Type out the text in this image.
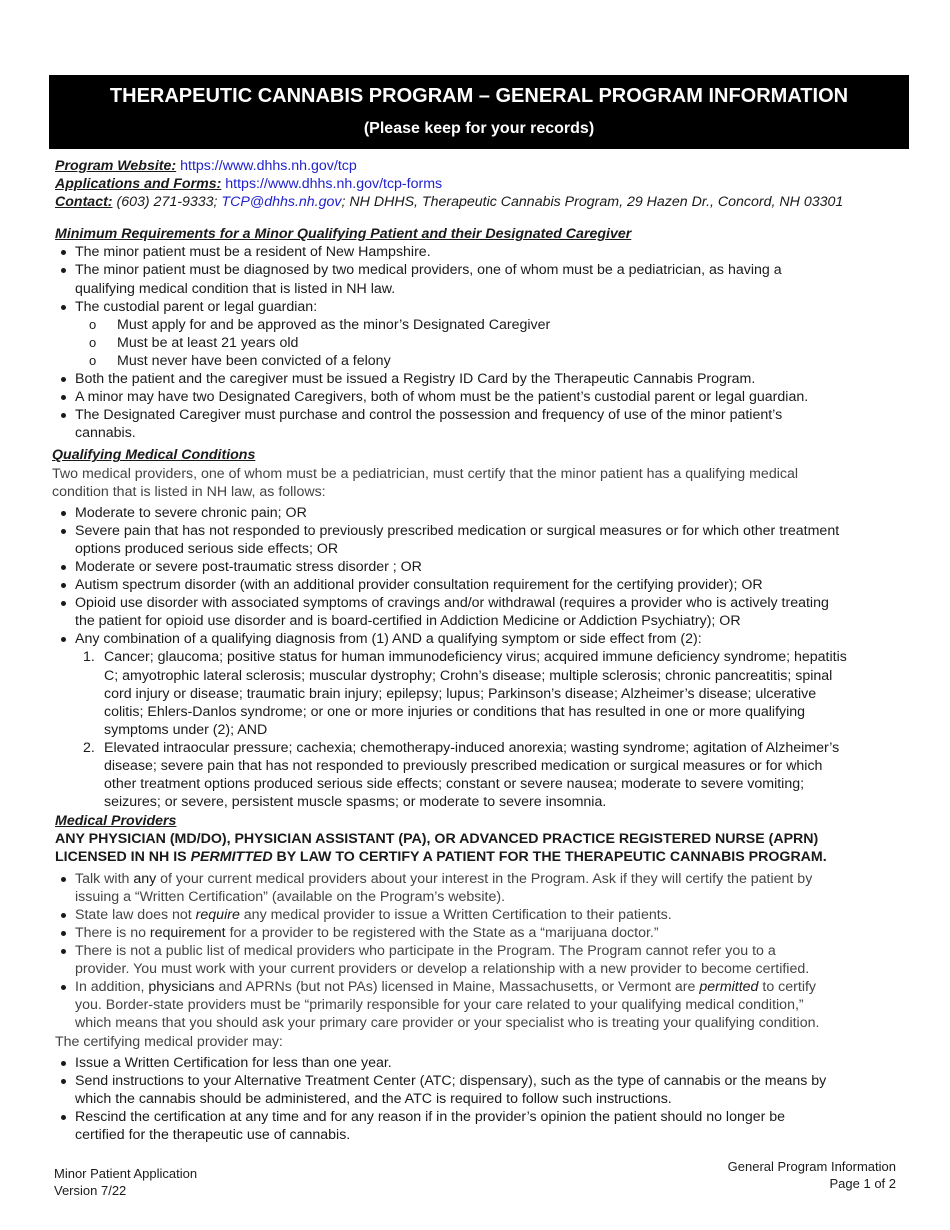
THERAPEUTIC CANNABIS PROGRAM – GENERAL PROGRAM INFORMATION
(Please keep for your records)

Program Website: https://www.dhhs.nh.gov/tcp

Applications and Forms: https://www.dhhs.nh.gov/tcp-forms

Contact: (603) 271-9333; TCP@dhhs.nh.gov; NH DHHS, Therapeutic Cannabis Program, 29 Hazen Dr., Concord, NH 03301

Minimum Requirements for a Minor Qualifying Patient and their Designated Caregiver

The minor patient must be a resident of New Hampshire.

The minor patient must be diagnosed by two medical providers, one of whom must be a pediatrician, as having a

qualifying medical condition that is listed in NH law.

The custodial parent or legal guardian:

o Must apply for and be approved as the minor’s Designated Caregiver

o Must be at least 21 years old

o Must never have been convicted of a felony

Both the patient and the caregiver must be issued a Registry ID Card by the Therapeutic Cannabis Program.

A minor may have two Designated Caregivers, both of whom must be the patient’s custodial parent or legal guardian.

The Designated Caregiver must purchase and control the possession and frequency of use of the minor patient’s

cannabis.

Qualifying Medical Conditions

Two medical providers, one of whom must be a pediatrician, must certify that the minor patient has a qualifying medical

condition that is listed in NH law, as follows:

Moderate to severe chronic pain; OR

Severe pain that has not responded to previously prescribed medication or surgical measures or for which other treatment

options produced serious side effects; OR

Moderate or severe post-traumatic stress disorder ; OR

Autism spectrum disorder (with an additional provider consultation requirement for the certifying provider); OR

Opioid use disorder with associated symptoms of cravings and/or withdrawal (requires a provider who is actively treating

the patient for opioid use disorder and is board-certified in Addiction Medicine or Addiction Psychiatry); OR

Any combination of a qualifying diagnosis from (1) AND a qualifying symptom or side effect from (2):

1. Cancer; glaucoma; positive status for human immunodeficiency virus; acquired immune deficiency syndrome; hepatitis

C; amyotrophic lateral sclerosis; muscular dystrophy; Crohn’s disease; multiple sclerosis; chronic pancreatitis; spinal

cord injury or disease; traumatic brain injury; epilepsy; lupus; Parkinson’s disease; Alzheimer’s disease; ulcerative

colitis; Ehlers-Danlos syndrome; or one or more injuries or conditions that has resulted in one or more qualifying

symptoms under (2); AND

2. Elevated intraocular pressure; cachexia; chemotherapy-induced anorexia; wasting syndrome; agitation of Alzheimer’s

disease; severe pain that has not responded to previously prescribed medication or surgical measures or for which

other treatment options produced serious side effects; constant or severe nausea; moderate to severe vomiting;

seizures; or severe, persistent muscle spasms; or moderate to severe insomnia.

Medical Providers

ANY PHYSICIAN (MD/DO), PHYSICIAN ASSISTANT (PA), OR ADVANCED PRACTICE REGISTERED NURSE (APRN)

LICENSED IN NH IS PERMITTED BY LAW TO CERTIFY A PATIENT FOR THE THERAPEUTIC CANNABIS PROGRAM.

Talk with any of your current medical providers about your interest in the Program. Ask if they will certify the patient by

issuing a “Written Certification” (available on the Program’s website).

State law does not require any medical provider to issue a Written Certification to their patients.

There is no requirement for a provider to be registered with the State as a “marijuana doctor.”

There is not a public list of medical providers who participate in the Program. The Program cannot refer you to a

provider. You must work with your current providers or develop a relationship with a new provider to become certified.

In addition, physicians and APRNs (but not PAs) licensed in Maine, Massachusetts, or Vermont are permitted to certify

you. Border-state providers must be “primarily responsible for your care related to your qualifying medical condition,”

which means that you should ask your primary care provider or your specialist who is treating your qualifying condition.

The certifying medical provider may:

Issue a Written Certification for less than one year.

Send instructions to your Alternative Treatment Center (ATC; dispensary), such as the type of cannabis or the means by

which the cannabis should be administered, and the ATC is required to follow such instructions.

Rescind the certification at any time and for any reason if in the provider’s opinion the patient should no longer be

certified for the therapeutic use of cannabis.

Minor Patient Application
Version 7/22
General Program Information
Page 1 of 2
